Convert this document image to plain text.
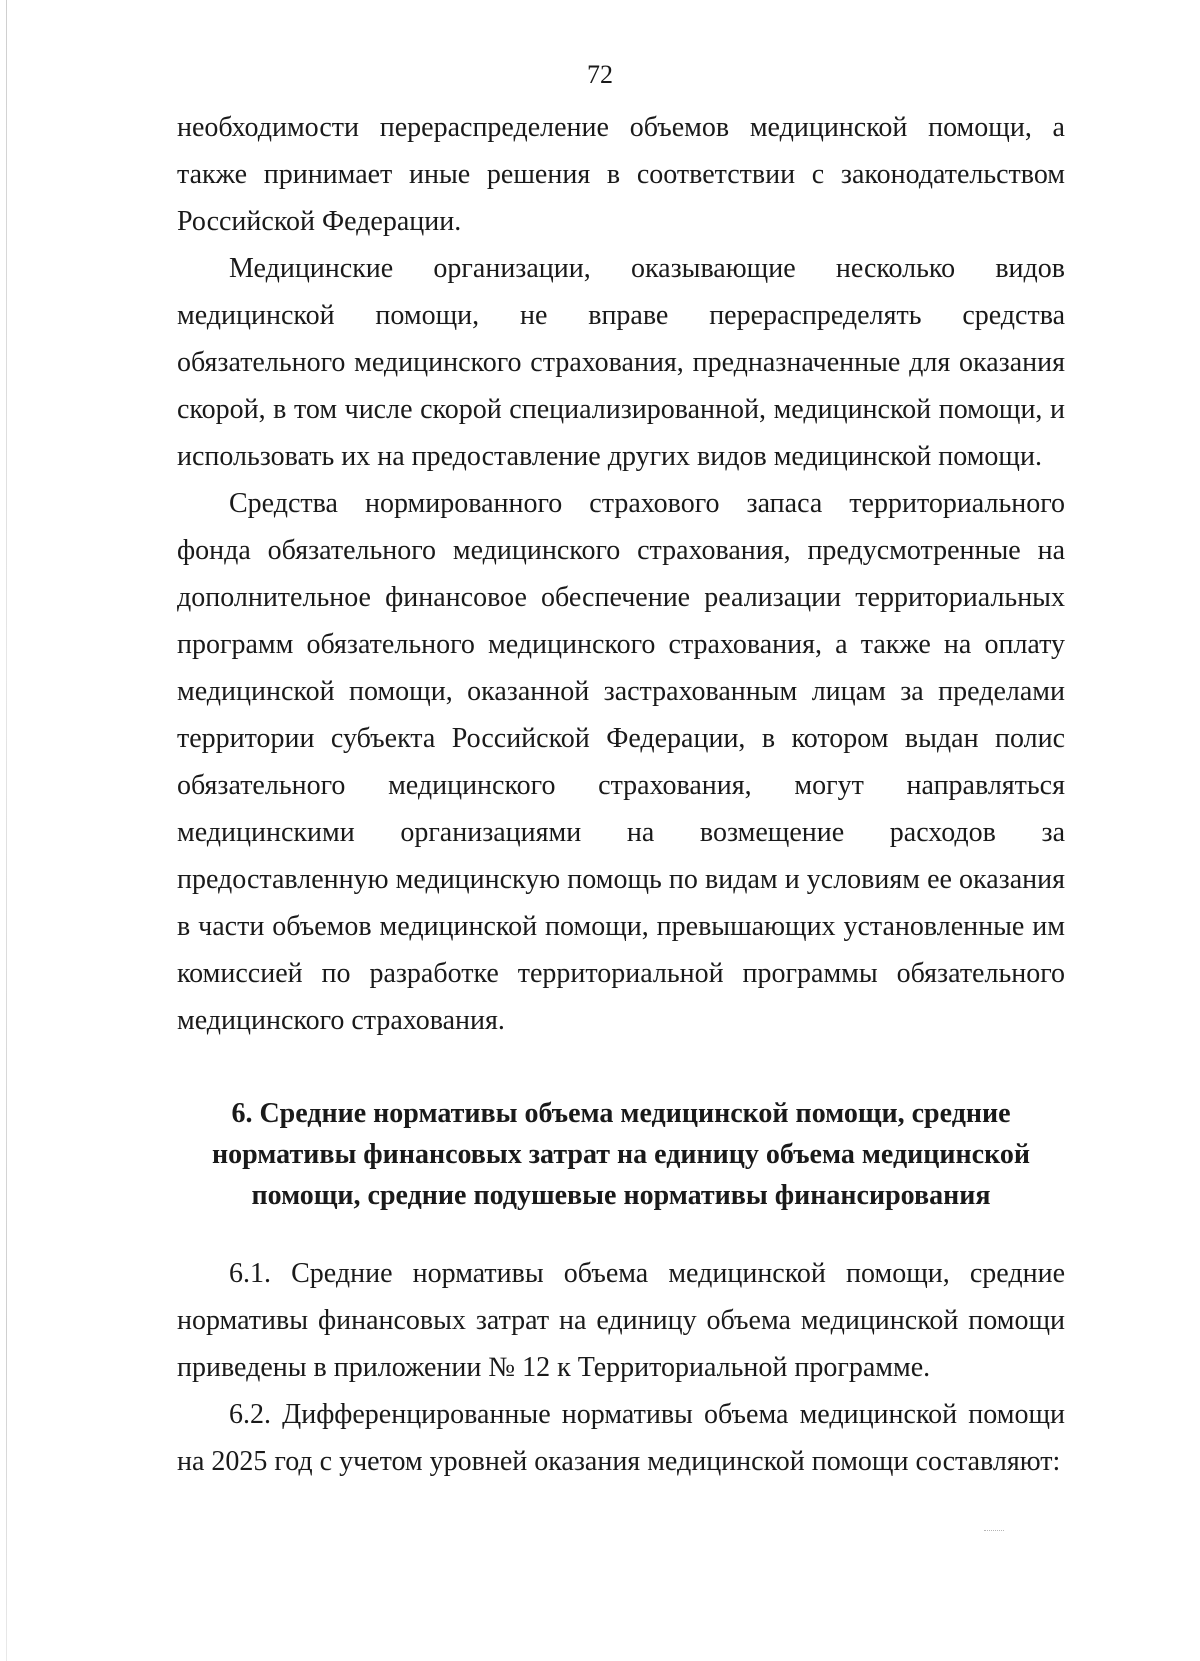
72

необходимости перераспределение объемов медицинской помощи, а также принимает иные решения в соответствии с законодательством Российской Федерации.

Медицинские организации, оказывающие несколько видов медицинской помощи, не вправе перераспределять средства обязательного медицинского страхования, предназначенные для оказания скорой, в том числе скорой специализированной, медицинской помощи, и использовать их на предоставление других видов медицинской помощи.

Средства нормированного страхового запаса территориального фонда обязательного медицинского страхования, предусмотренные на дополнительное финансовое обеспечение реализации территориальных программ обязательного медицинского страхования, а также на оплату медицинской помощи, оказанной застрахованным лицам за пределами территории субъекта Российской Федерации, в котором выдан полис обязательного медицинского страхования, могут направляться медицинскими организациями на возмещение расходов за предоставленную медицинскую помощь по видам и условиям ее оказания в части объемов медицинской помощи, превышающих установленные им комиссией по разработке территориальной программы обязательного медицинского страхования.

6. Средние нормативы объема медицинской помощи, средние

нормативы финансовых затрат на единицу объема медицинской

помощи, средние подушевые нормативы финансирования

6.1. Средние нормативы объема медицинской помощи, средние нормативы финансовых затрат на единицу объема медицинской помощи приведены в приложении № 12 к Территориальной программе.

6.2. Дифференцированные нормативы объема медицинской помощи на 2025 год с учетом уровней оказания медицинской помощи составляют:
